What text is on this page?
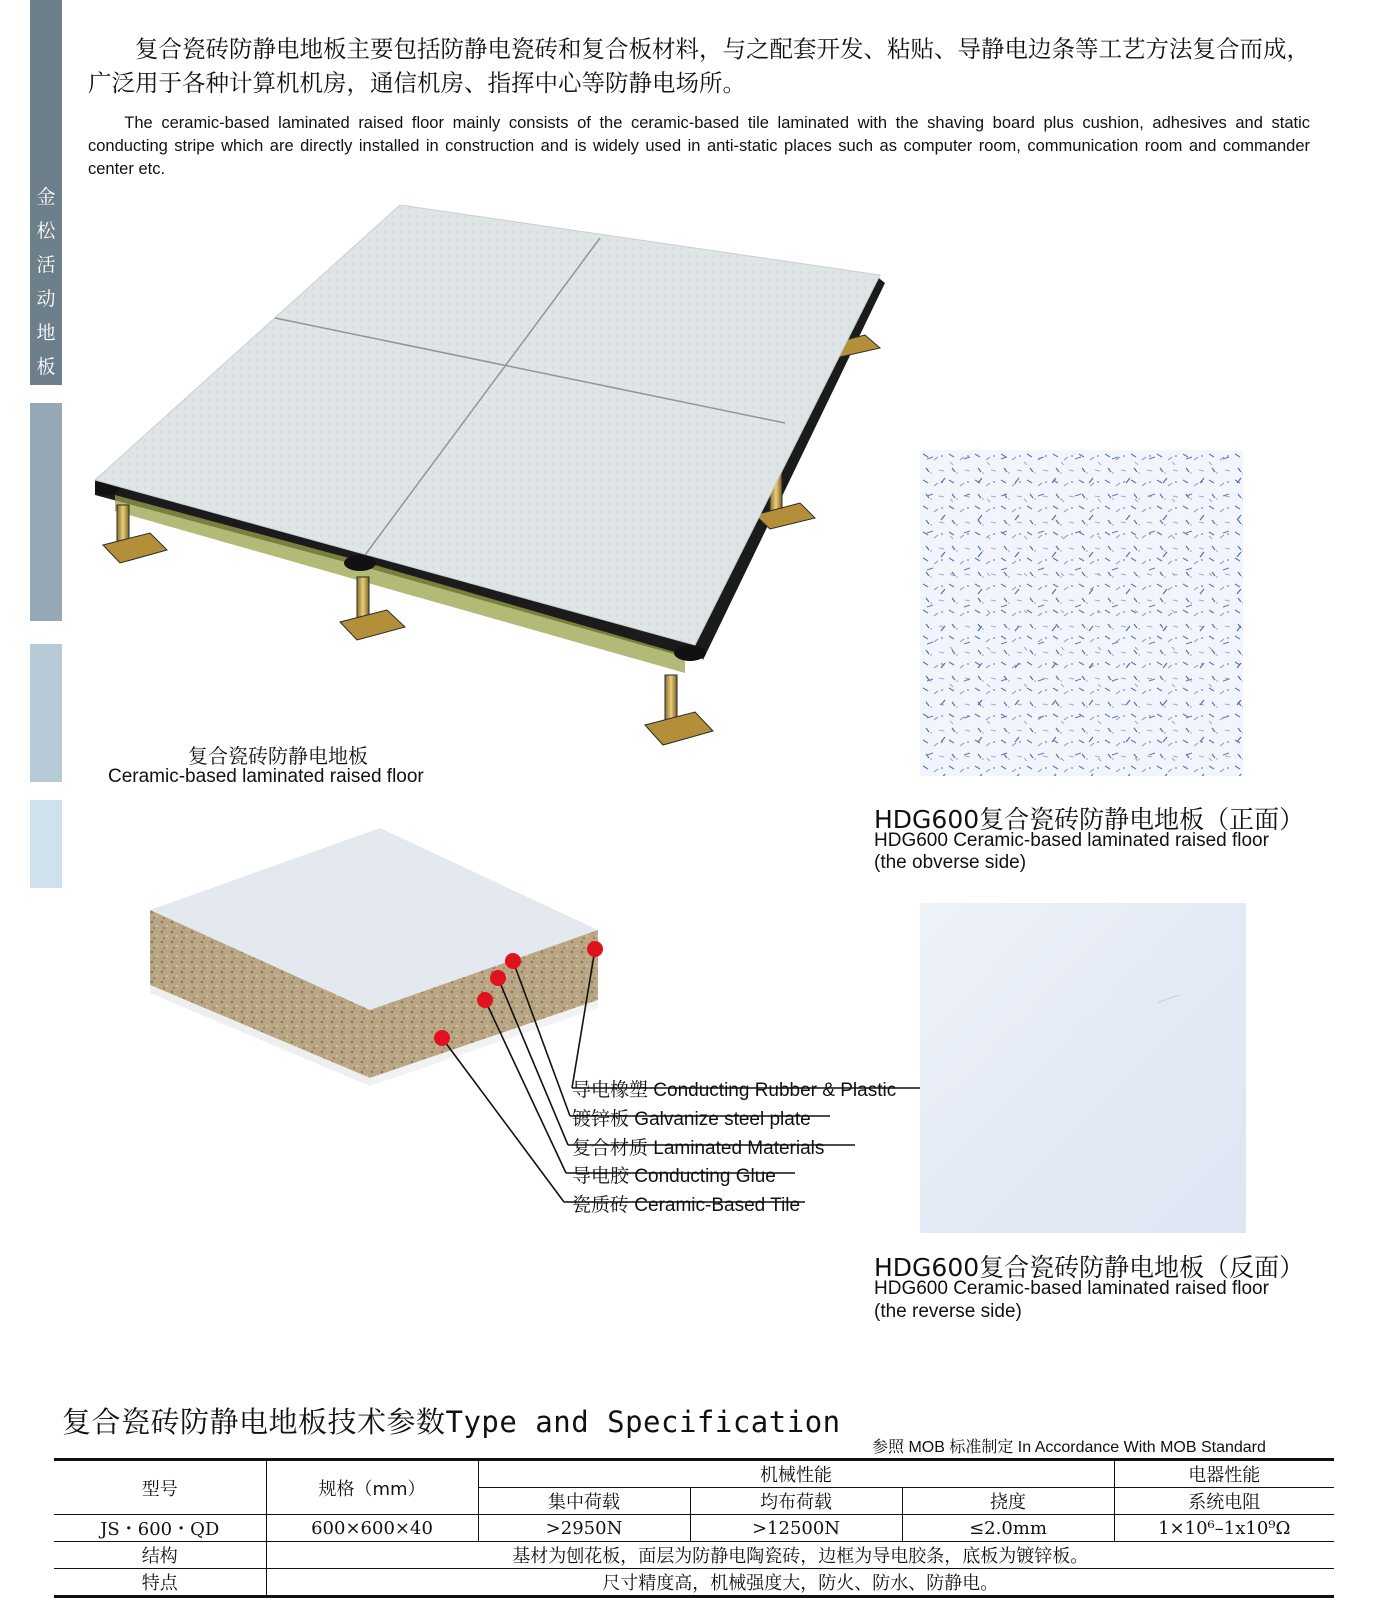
金
松
活
动
地
板
复合瓷砖防静电地板主要包括防静电瓷砖和复合板材料，与之配套开发、粘贴、导静电边条等工艺方法复合而成，广泛用于各种计算机机房，通信机房、指挥中心等防静电场所。
The ceramic-based laminated raised floor mainly consists of the ceramic-based tile laminated with the shaving board plus cushion, adhesives and static conducting stripe which are directly installed in construction and is widely used in anti-static places such as computer room, communication room and commander center etc.
复合瓷砖防静电地板
Ceramic-based laminated raised floor
HDG600复合瓷砖防静电地板（正面）
HDG600 Ceramic-based laminated raised floor
(the obverse side)
HDG600复合瓷砖防静电地板（反面）
HDG600 Ceramic-based laminated raised floor
(the reverse side)
导电橡塑 Conducting Rubber & Plastic
镀锌板 Galvanize steel plate
复合材质 Laminated Materials
导电胶 Conducting Glue
瓷质砖 Ceramic-Based Tile
复合瓷砖防静电地板技术参数Type and Specification
参照 MOB 标准制定 In Accordance With MOB Standard
型号	规格（mm）	机械性能			电器性能
		集中荷载	均布荷载	挠度	系统电阻
JS・600・QD	600×600×40	>2950N	>12500N	≤2.0mm	1×10⁶–1x10⁹Ω
结构	基材为刨花板，面层为防静电陶瓷砖，边框为导电胶条，底板为镀锌板。				
特点	尺寸精度高，机械强度大，防火、防水、防静电。				
